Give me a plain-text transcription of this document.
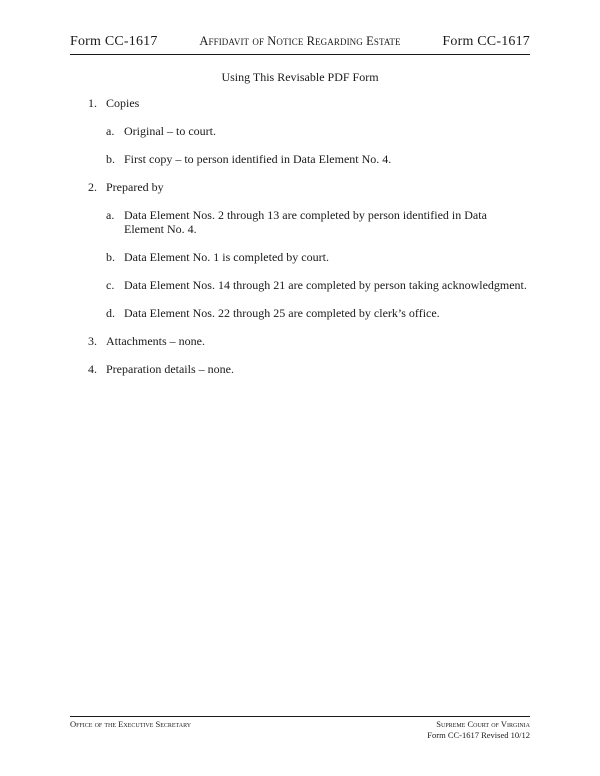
Form CC-1617	Affidavit of Notice Regarding Estate	Form CC-1617
Using This Revisable PDF Form
1. Copies
a. Original – to court.
b. First copy – to person identified in Data Element No. 4.
2. Prepared by
a. Data Element Nos. 2 through 13 are completed by person identified in Data Element No. 4.
b. Data Element No. 1 is completed by court.
c. Data Element Nos. 14 through 21 are completed by person taking acknowledgment.
d. Data Element Nos. 22 through 25 are completed by clerk’s office.
3. Attachments – none.
4. Preparation details – none.
Office of the Executive Secretary	Supreme Court of Virginia
Form CC-1617 Revised 10/12
